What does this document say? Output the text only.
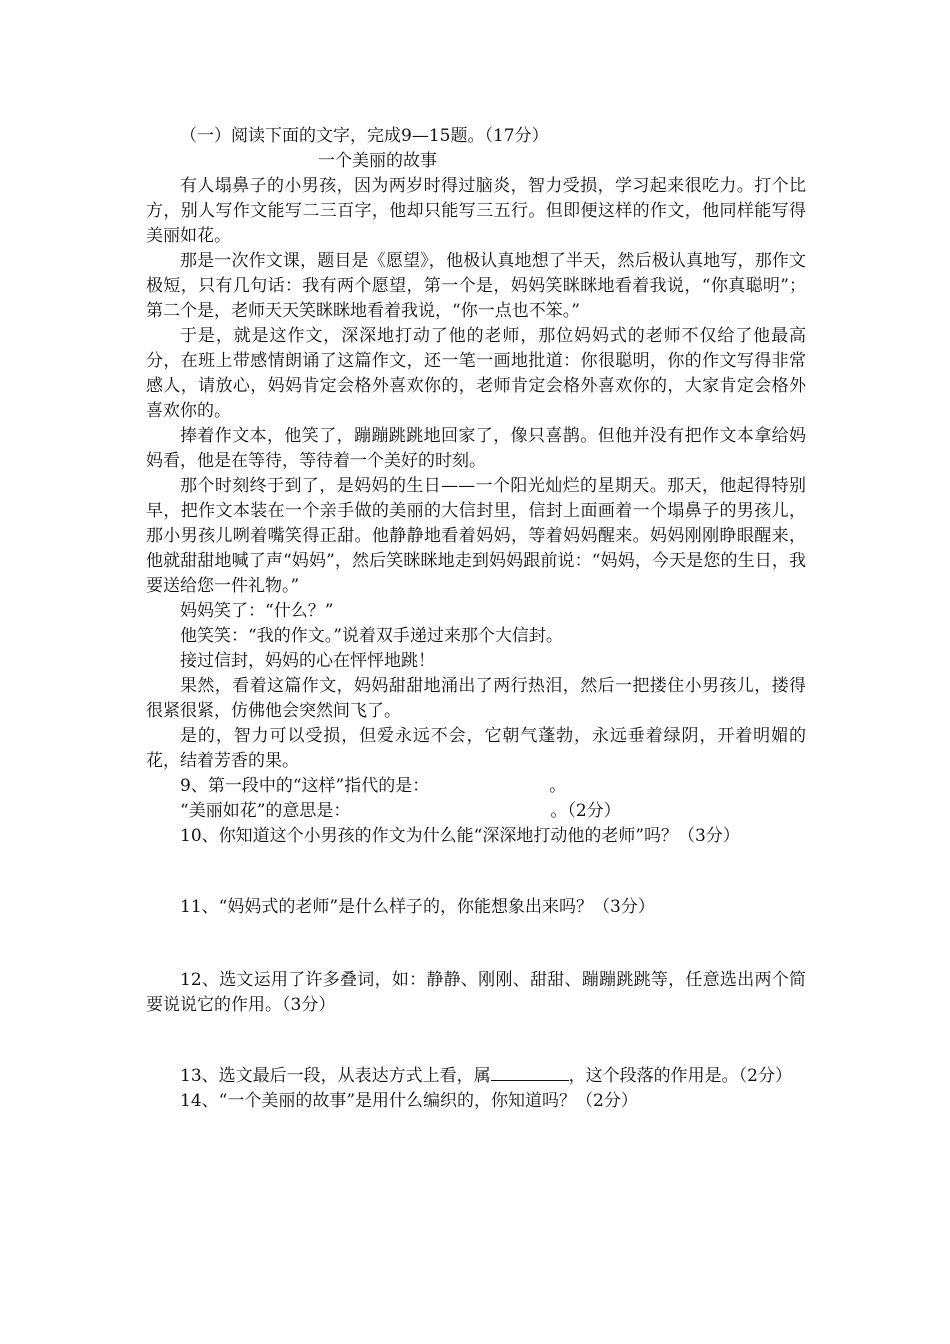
（一）阅读下面的文字，完成9—15题。（17分）
一个美丽的故事
有人塌鼻子的小男孩，因为两岁时得过脑炎，智力受损，学习起来很吃力。打个比方，别人写作文能写二三百字，他却只能写三五行。但即便这样的作文，他同样能写得美丽如花。
那是一次作文课，题目是《愿望》，他极认真地想了半天，然后极认真地写，那作文极短，只有几句话：我有两个愿望，第一个是，妈妈笑眯眯地看着我说，“你真聪明”；第二个是，老师天天笑眯眯地看着我说，“你一点也不笨。”
于是，就是这作文，深深地打动了他的老师，那位妈妈式的老师不仅给了他最高分，在班上带感情朗诵了这篇作文，还一笔一画地批道：你很聪明，你的作文写得非常感人，请放心，妈妈肯定会格外喜欢你的，老师肯定会格外喜欢你的，大家肯定会格外喜欢你的。
捧着作文本，他笑了，蹦蹦跳跳地回家了，像只喜鹊。但他并没有把作文本拿给妈妈看，他是在等待，等待着一个美好的时刻。
那个时刻终于到了，是妈妈的生日——一个阳光灿烂的星期天。那天，他起得特别早，把作文本装在一个亲手做的美丽的大信封里，信封上面画着一个塌鼻子的男孩儿，那小男孩儿咧着嘴笑得正甜。他静静地看着妈妈，等着妈妈醒来。妈妈刚刚睁眼醒来，他就甜甜地喊了声“妈妈”，然后笑眯眯地走到妈妈跟前说：“妈妈，今天是您的生日，我要送给您一件礼物。”
妈妈笑了：“什么？”
他笑笑：“我的作文。”说着双手递过来那个大信封。
接过信封，妈妈的心在怦怦地跳！
果然，看着这篇作文，妈妈甜甜地涌出了两行热泪，然后一把搂住小男孩儿，搂得很紧很紧，仿佛他会突然间飞了。
是的，智力可以受损，但爱永远不会，它朝气蓬勃，永远垂着绿阴，开着明媚的花，结着芳香的果。
9、第一段中的“这样”指代的是：	。
“美丽如花”的意思是：	。（2分）
10、你知道这个小男孩的作文为什么能“深深地打动他的老师”吗？（3分）
11、“妈妈式的老师”是什么样子的，你能想象出来吗？（3分）
12、选文运用了许多叠词，如：静静、刚刚、甜甜、蹦蹦跳跳等，任意选出两个简要说说它的作用。（3分）
13、选文最后一段，从表达方式上看，属	，这个段落的作用是。（2分）
14、“一个美丽的故事”是用什么编织的，你知道吗？（2分）
